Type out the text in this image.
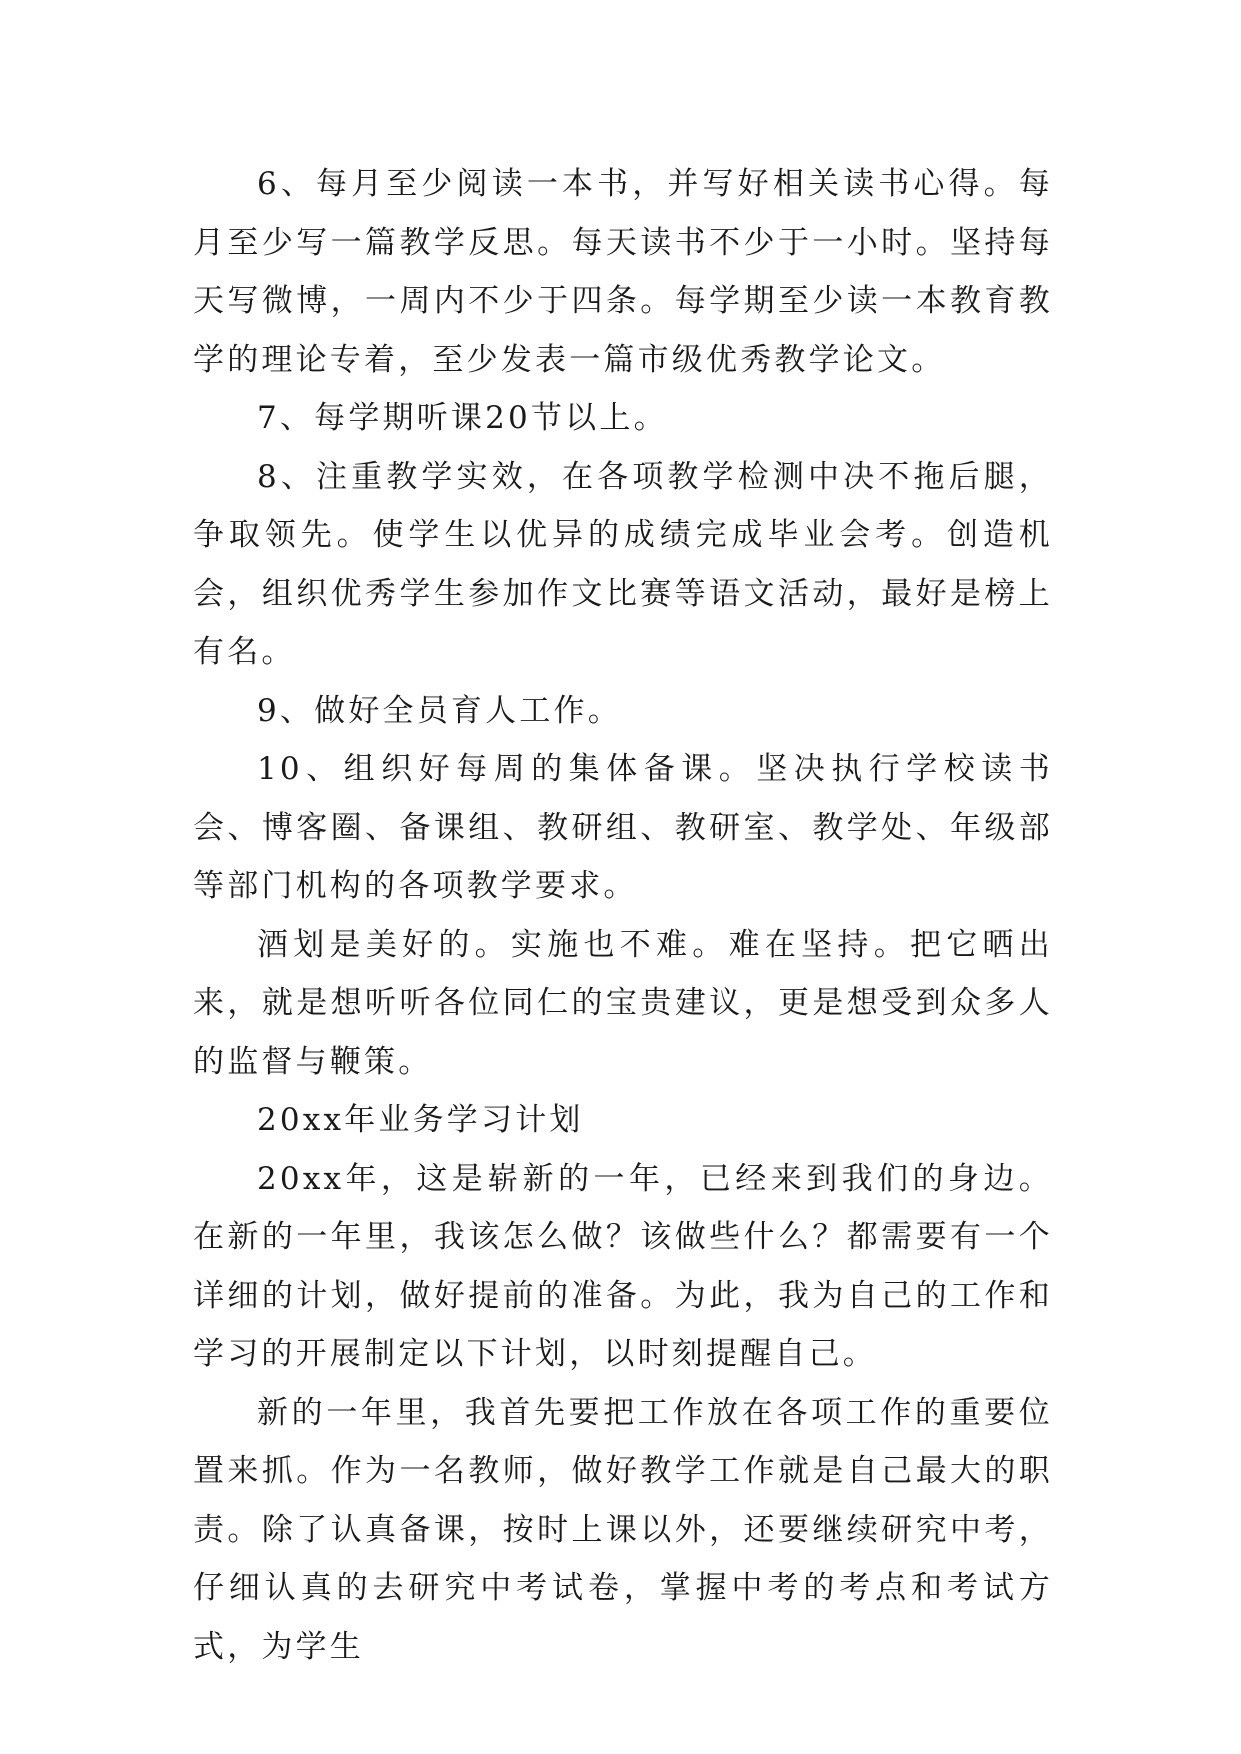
6、每月至少阅读一本书，并写好相关读书心得。每月至少写一篇教学反思。每天读书不少于一小时。坚持每天写微博，一周内不少于四条。每学期至少读一本教育教学的理论专着，至少发表一篇市级优秀教学论文。

7、每学期听课20节以上。

8、注重教学实效，在各项教学检测中决不拖后腿，争取领先。使学生以优异的成绩完成毕业会考。创造机会，组织优秀学生参加作文比赛等语文活动，最好是榜上有名。

9、做好全员育人工作。

10、组织好每周的集体备课。坚决执行学校读书会、博客圈、备课组、教研组、教研室、教学处、年级部等部门机构的各项教学要求。

酒划是美好的。实施也不难。难在坚持。把它晒出来，就是想听听各位同仁的宝贵建议，更是想受到众多人的监督与鞭策。

20xx年业务学习计划

20xx年，这是崭新的一年，已经来到我们的身边。在新的一年里，我该怎么做？该做些什么？都需要有一个详细的计划，做好提前的准备。为此，我为自己的工作和学习的开展制定以下计划，以时刻提醒自己。

新的一年里，我首先要把工作放在各项工作的重要位置来抓。作为一名教师，做好教学工作就是自己最大的职责。除了认真备课，按时上课以外，还要继续研究中考，仔细认真的去研究中考试卷，掌握中考的考点和考试方式，为学生
